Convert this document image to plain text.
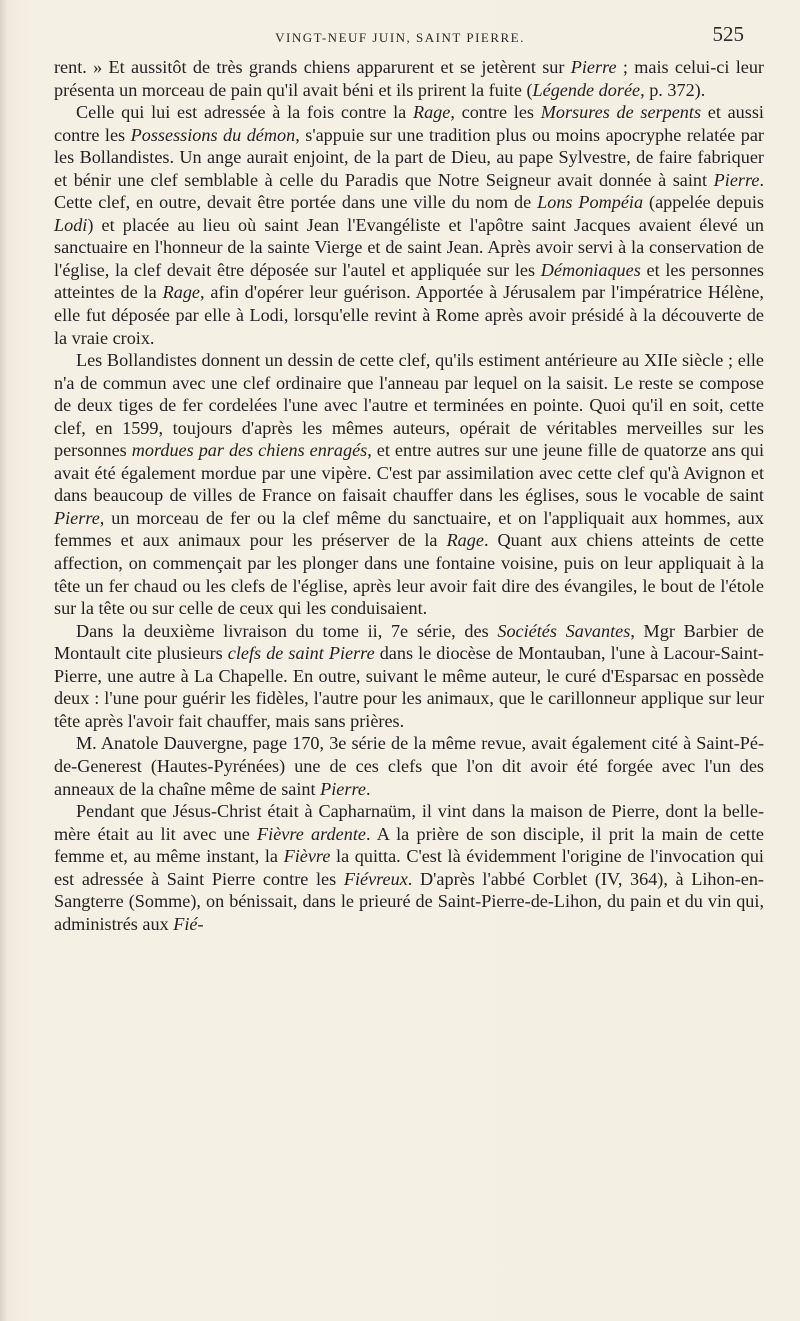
VINGT-NEUF JUIN, SAINT PIERRE.	525

rent. » Et aussitôt de très grands chiens apparurent et se jetèrent sur Pierre ; mais celui-ci leur présenta un morceau de pain qu'il avait béni et ils prirent la fuite (Légende dorée, p. 372).

Celle qui lui est adressée à la fois contre la Rage, contre les Morsures de serpents et aussi contre les Possessions du démon, s'appuie sur une tradition plus ou moins apocryphe relatée par les Bollandistes. Un ange aurait enjoint, de la part de Dieu, au pape Sylvestre, de faire fabriquer et bénir une clef semblable à celle du Paradis que Notre Seigneur avait donnée à saint Pierre. Cette clef, en outre, devait être portée dans une ville du nom de Lons Pompéia (appelée depuis Lodi) et placée au lieu où saint Jean l'Evangéliste et l'apôtre saint Jacques avaient élevé un sanctuaire en l'honneur de la sainte Vierge et de saint Jean. Après avoir servi à la conservation de l'église, la clef devait être déposée sur l'autel et appliquée sur les Démoniaques et les personnes atteintes de la Rage, afin d'opérer leur guérison. Apportée à Jérusalem par l'impératrice Hélène, elle fut déposée par elle à Lodi, lorsqu'elle revint à Rome après avoir présidé à la découverte de la vraie croix.

Les Bollandistes donnent un dessin de cette clef, qu'ils estiment antérieure au XIIe siècle ; elle n'a de commun avec une clef ordinaire que l'anneau par lequel on la saisit. Le reste se compose de deux tiges de fer cordelées l'une avec l'autre et terminées en pointe. Quoi qu'il en soit, cette clef, en 1599, toujours d'après les mêmes auteurs, opérait de véritables merveilles sur les personnes mordues par des chiens enragés, et entre autres sur une jeune fille de quatorze ans qui avait été également mordue par une vipère. C'est par assimilation avec cette clef qu'à Avignon et dans beaucoup de villes de France on faisait chauffer dans les églises, sous le vocable de saint Pierre, un morceau de fer ou la clef même du sanctuaire, et on l'appliquait aux hommes, aux femmes et aux animaux pour les préserver de la Rage. Quant aux chiens atteints de cette affection, on commençait par les plonger dans une fontaine voisine, puis on leur appliquait à la tête un fer chaud ou les clefs de l'église, après leur avoir fait dire des évangiles, le bout de l'étole sur la tête ou sur celle de ceux qui les conduisaient.

Dans la deuxième livraison du tome ii, 7e série, des Sociétés Savantes, Mgr Barbier de Montault cite plusieurs clefs de saint Pierre dans le diocèse de Montauban, l'une à Lacour-Saint-Pierre, une autre à La Chapelle. En outre, suivant le même auteur, le curé d'Esparsac en possède deux : l'une pour guérir les fidèles, l'autre pour les animaux, que le carillonneur applique sur leur tête après l'avoir fait chauffer, mais sans prières.

M. Anatole Dauvergne, page 170, 3e série de la même revue, avait également cité à Saint-Pé-de-Generest (Hautes-Pyrénées) une de ces clefs que l'on dit avoir été forgée avec l'un des anneaux de la chaîne même de saint Pierre.

Pendant que Jésus-Christ était à Capharnaüm, il vint dans la maison de Pierre, dont la belle-mère était au lit avec une Fièvre ardente. A la prière de son disciple, il prit la main de cette femme et, au même instant, la Fièvre la quitta. C'est là évidemment l'origine de l'invocation qui est adressée à Saint Pierre contre les Fiévreux. D'après l'abbé Corblet (IV, 364), à Lihon-en-Sangterre (Somme), on bénissait, dans le prieuré de Saint-Pierre-de-Lihon, du pain et du vin qui, administrés aux Fié-
